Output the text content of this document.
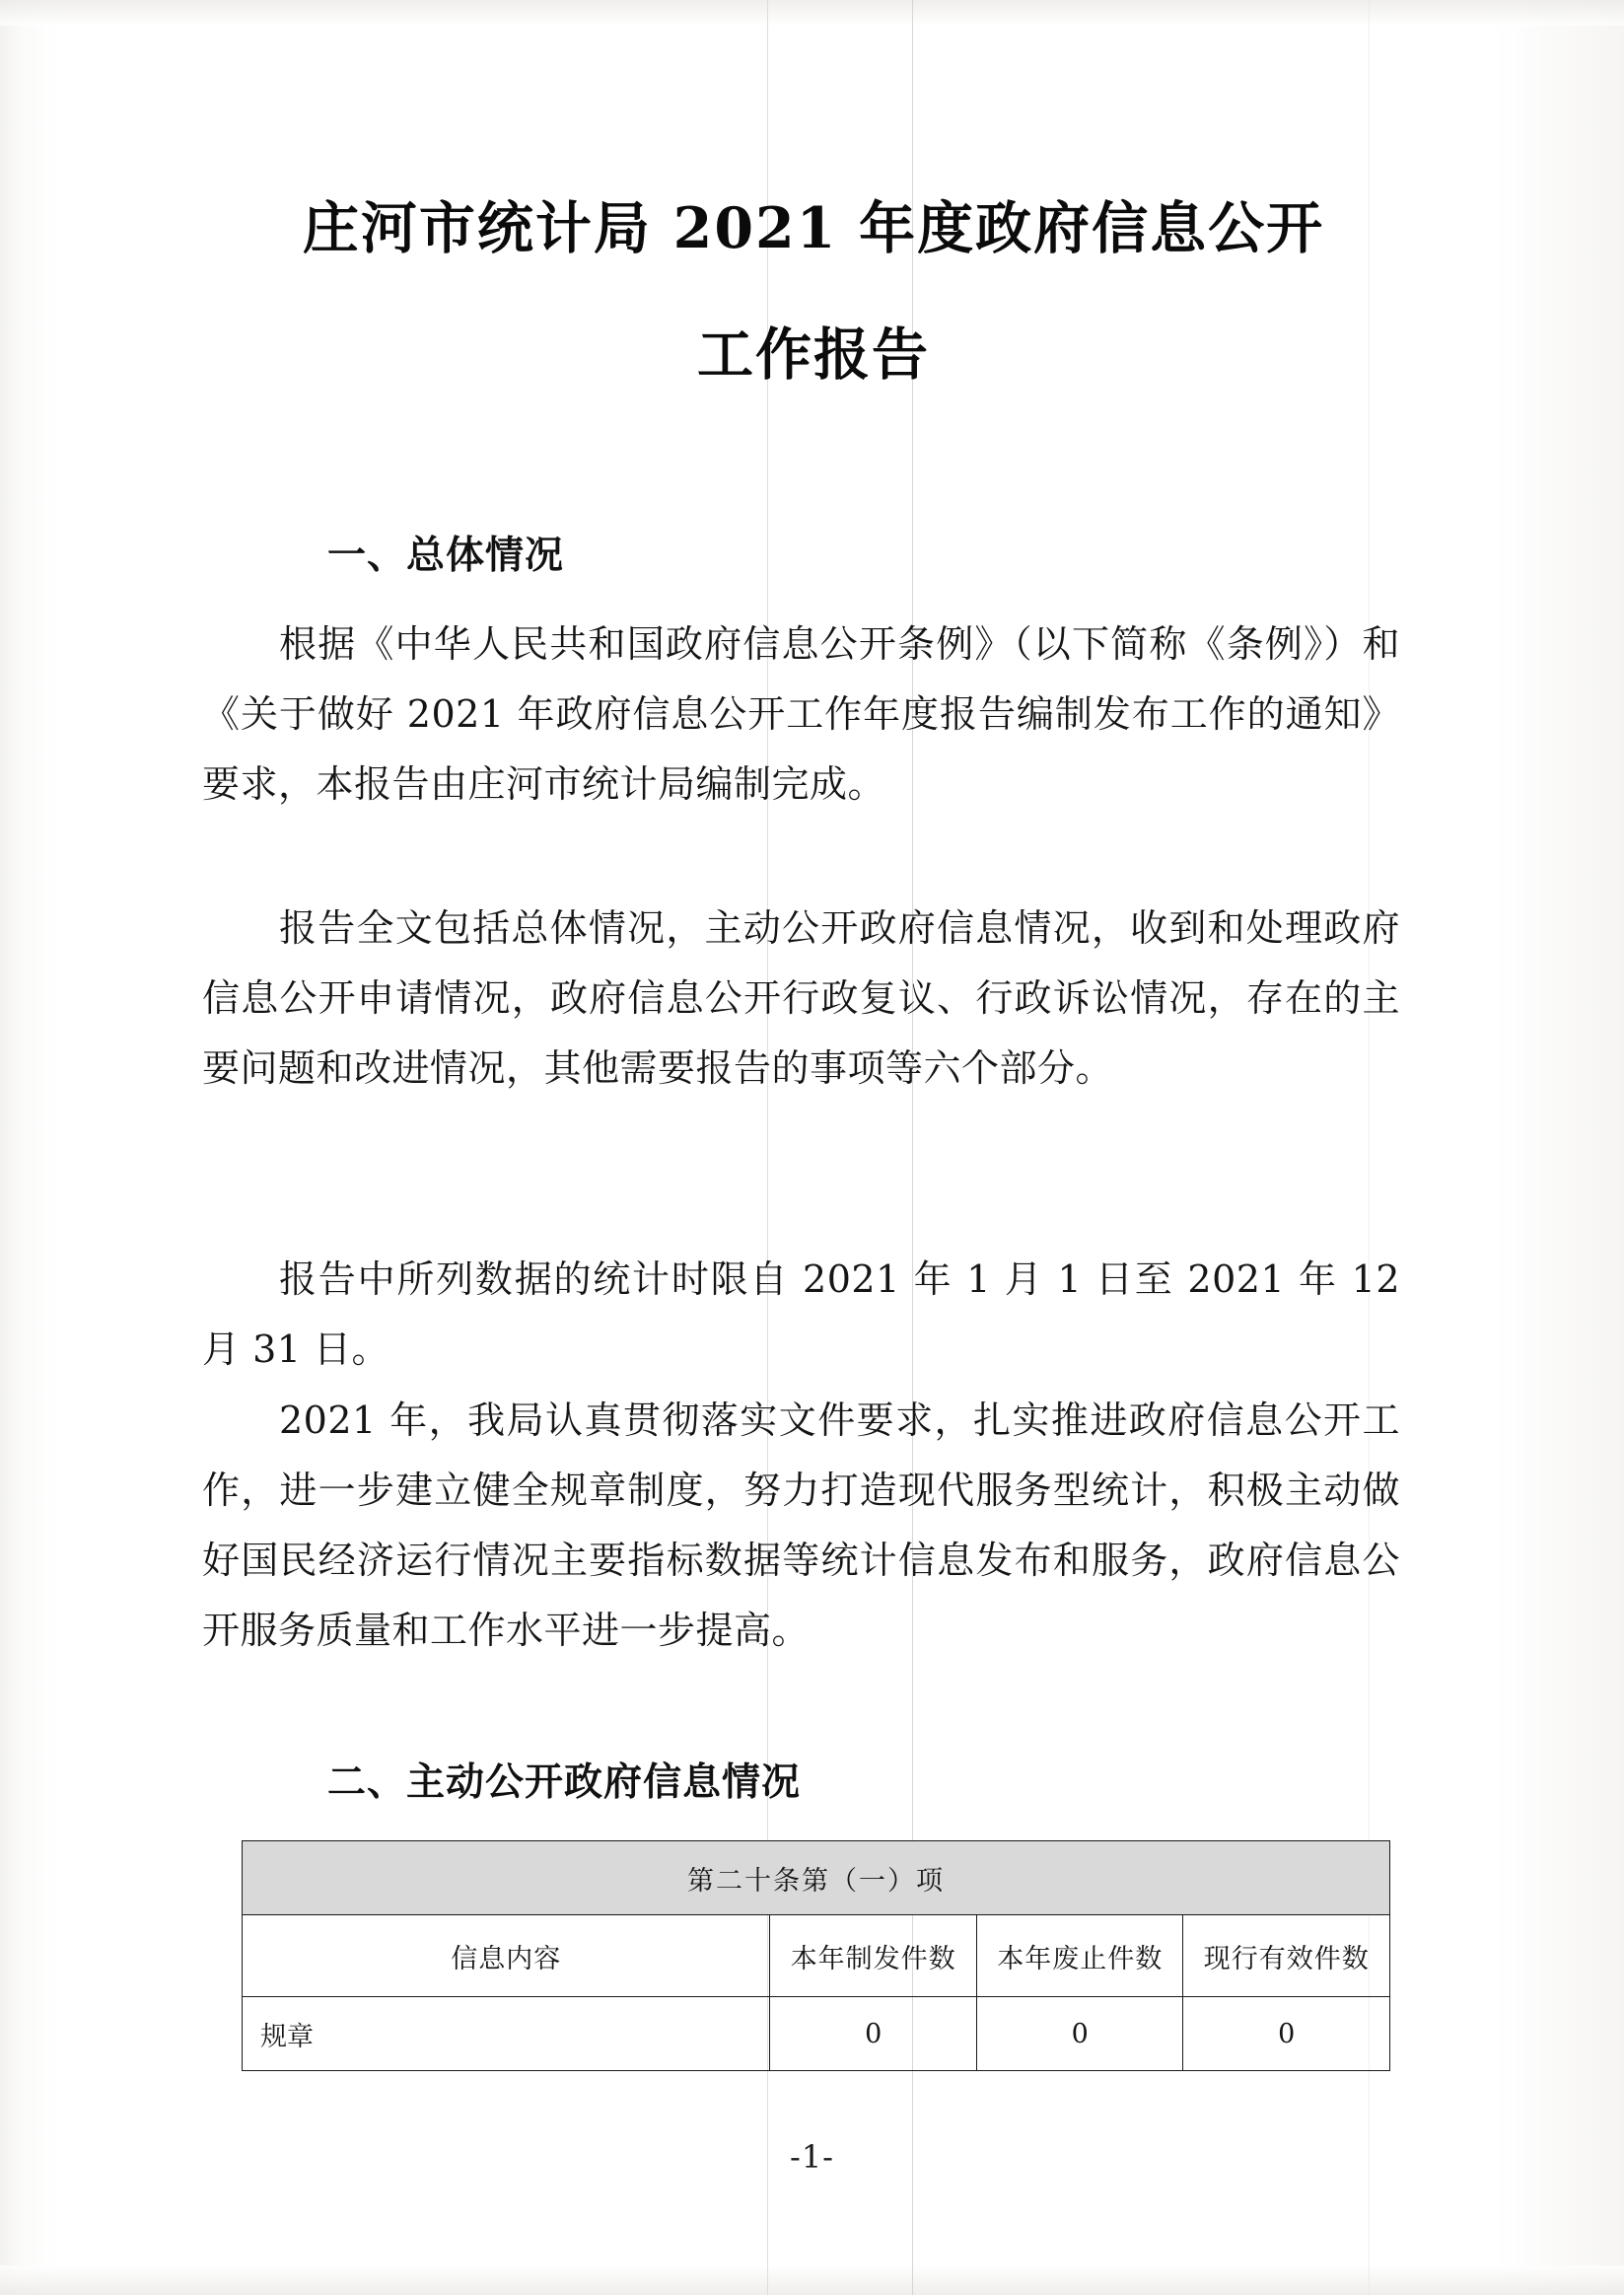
庄河市统计局 2021 年度政府信息公开
工作报告
一、总体情况
根据《中华人民共和国政府信息公开条例》（以下简称《条例》）和《关于做好 2021 年政府信息公开工作年度报告编制发布工作的通知》要求，本报告由庄河市统计局编制完成。
报告全文包括总体情况，主动公开政府信息情况，收到和处理政府信息公开申请情况，政府信息公开行政复议、行政诉讼情况，存在的主要问题和改进情况，其他需要报告的事项等六个部分。
报告中所列数据的统计时限自 2021 年 1 月 1 日至 2021 年 12 月 31 日。
2021 年，我局认真贯彻落实文件要求，扎实推进政府信息公开工作，进一步建立健全规章制度，努力打造现代服务型统计，积极主动做好国民经济运行情况主要指标数据等统计信息发布和服务，政府信息公开服务质量和工作水平进一步提高。
二、主动公开政府信息情况
第二十条第（一）项			
信息内容	本年制发件数	本年废止件数	现行有效件数
规章	0	0	0
-1-
